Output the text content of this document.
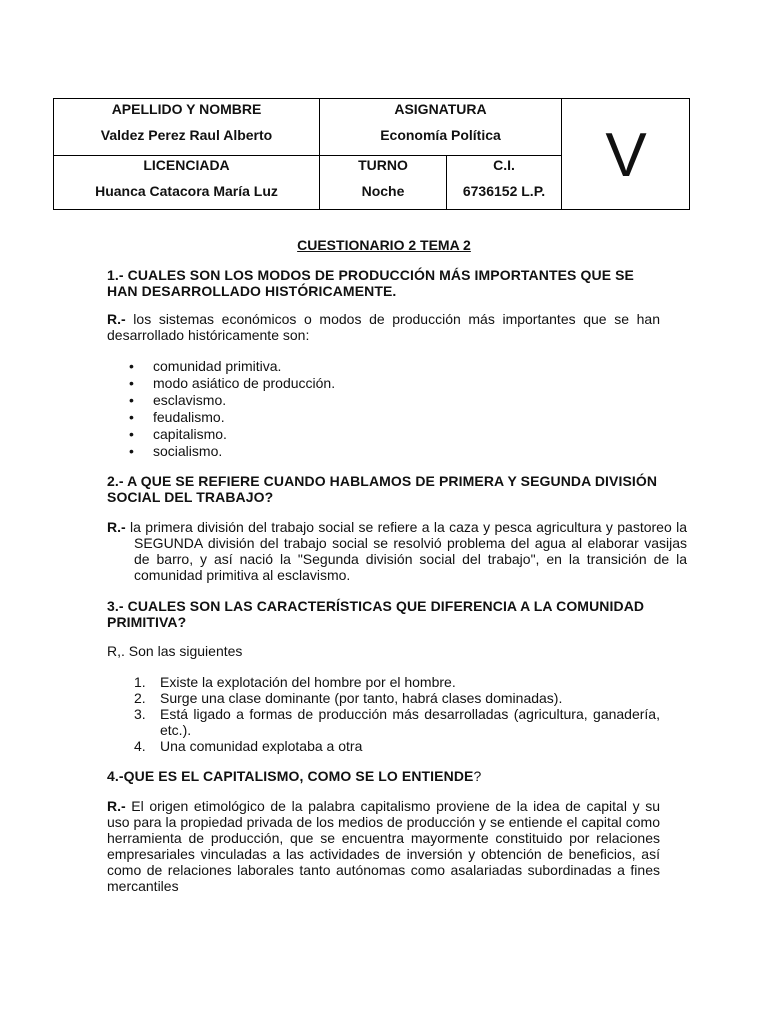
APELLIDO Y NOMBRE
Valdez Perez Raul Alberto
ASIGNATURA
Economía Política
LICENCIADA
Huanca Catacora María Luz
TURNO
Noche
C.I.
6736152 L.P.
V
CUESTIONARIO 2 TEMA 2
1.- CUALES SON LOS MODOS DE PRODUCCIÓN MÁS IMPORTANTES QUE SE HAN DESARROLLADO HISTÓRICAMENTE.
R.- los sistemas económicos o modos de producción más importantes que se han desarrollado históricamente son:
• comunidad primitiva.
• modo asiático de producción.
• esclavismo.
• feudalismo.
• capitalismo.
• socialismo.
2.- A QUE SE REFIERE CUANDO HABLAMOS DE PRIMERA Y SEGUNDA DIVISIÓN SOCIAL DEL TRABAJO?
R.- la primera división del trabajo social se refiere a la caza y pesca agricultura y pastoreo la SEGUNDA división del trabajo social se resolvió problema del agua al elaborar vasijas de barro, y así nació la "Segunda división social del trabajo", en la transición de la comunidad primitiva al esclavismo.
3.- CUALES SON LAS CARACTERÍSTICAS QUE DIFERENCIA A LA COMUNIDAD PRIMITIVA?
R,. Son las siguientes
1. Existe la explotación del hombre por el hombre.
2. Surge una clase dominante (por tanto, habrá clases dominadas).
3. Está ligado a formas de producción más desarrolladas (agricultura, ganadería, etc.).
4. Una comunidad explotaba a otra
4.-QUE ES EL CAPITALISMO, COMO SE LO ENTIENDE?
R.- El origen etimológico de la palabra capitalismo proviene de la idea de capital y su uso para la propiedad privada de los medios de producción y se entiende el capital como herramienta de producción, que se encuentra mayormente constituido por relaciones empresariales vinculadas a las actividades de inversión y obtención de beneficios, así como de relaciones laborales tanto autónomas como asalariadas subordinadas a fines mercantiles
